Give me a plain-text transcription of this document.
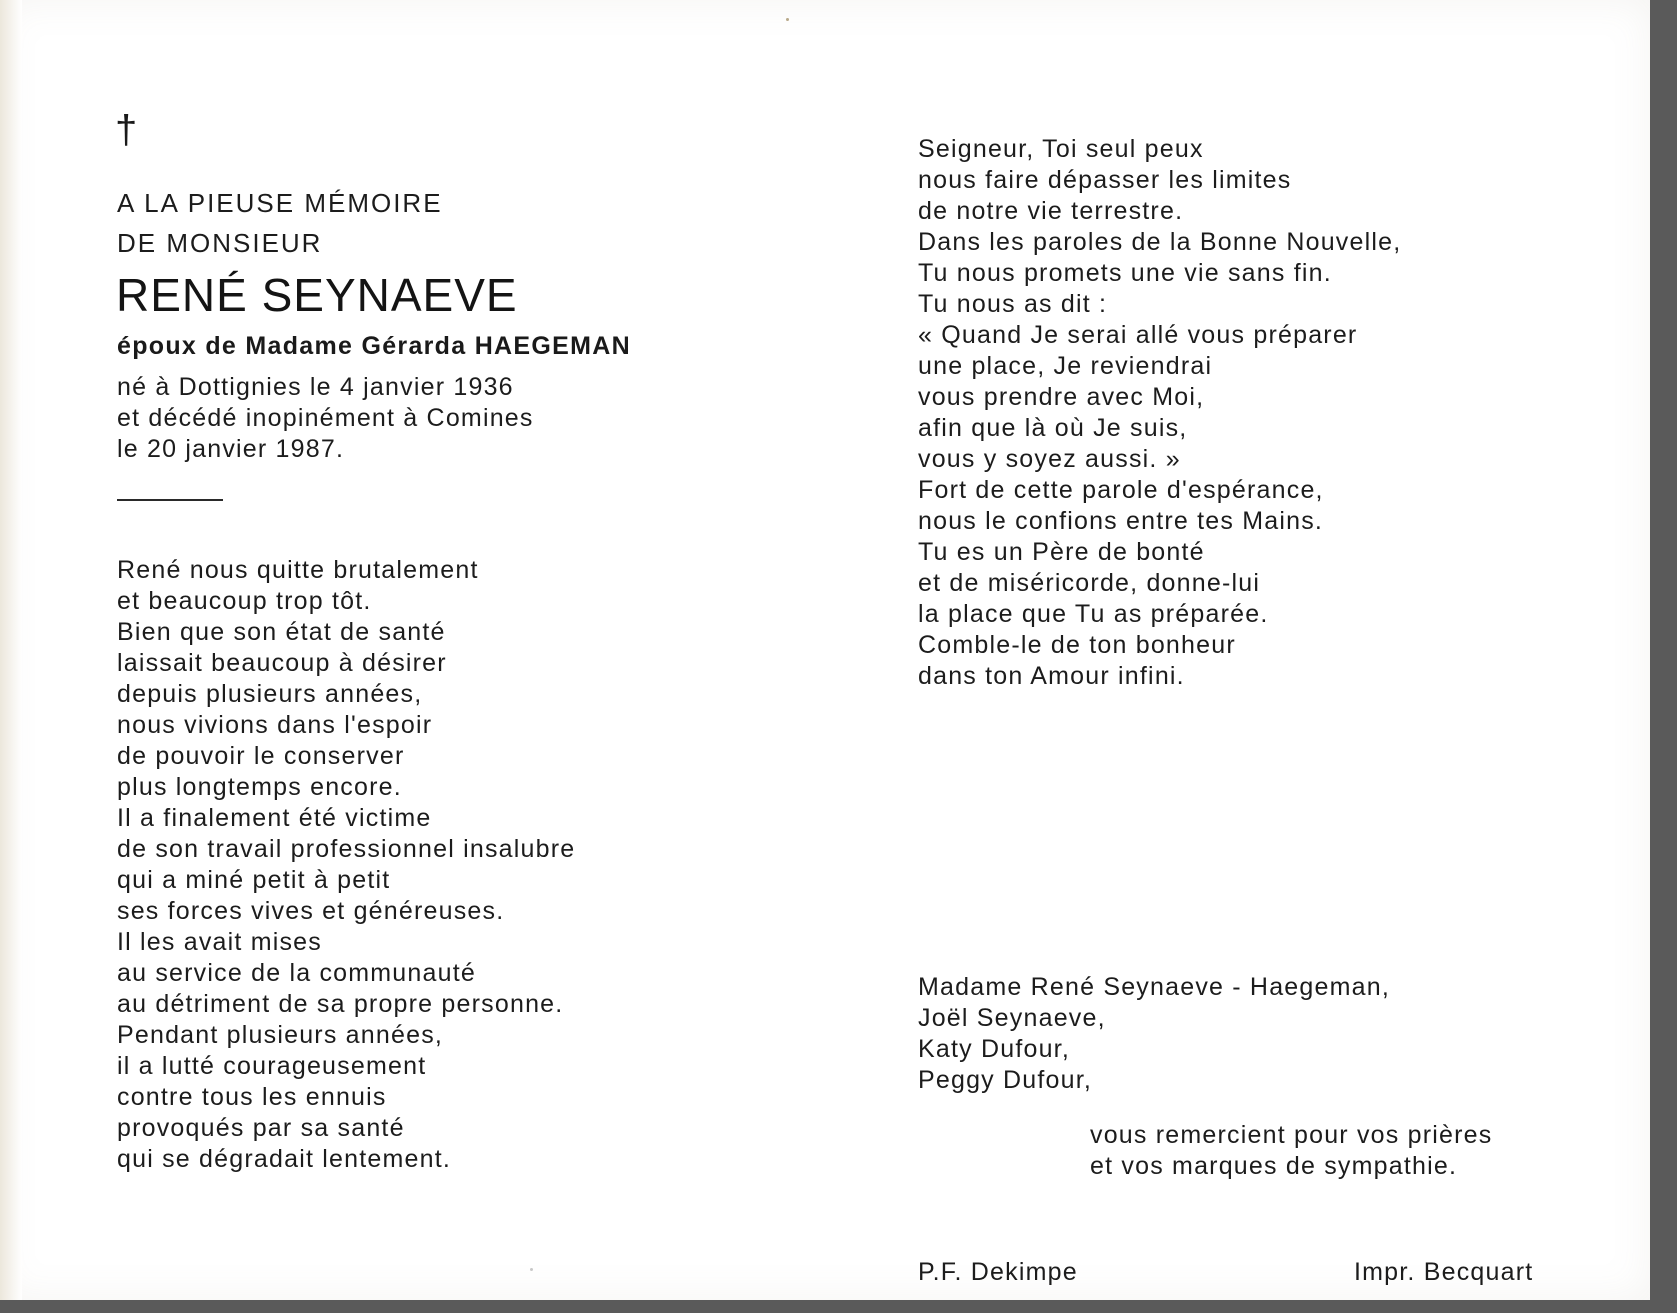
†
A LA PIEUSE MÉMOIRE
DE MONSIEUR
RENÉ SEYNAEVE
époux de Madame Gérarda HAEGEMAN
né à Dottignies le 4 janvier 1936
et décédé inopinément à Comines
le 20 janvier 1987.
René nous quitte brutalement
et beaucoup trop tôt.
Bien que son état de santé
laissait beaucoup à désirer
depuis plusieurs années,
nous vivions dans l'espoir
de pouvoir le conserver
plus longtemps encore.
Il a finalement été victime
de son travail professionnel insalubre
qui a miné petit à petit
ses forces vives et généreuses.
Il les avait mises
au service de la communauté
au détriment de sa propre personne.
Pendant plusieurs années,
il a lutté courageusement
contre tous les ennuis
provoqués par sa santé
qui se dégradait lentement.
Seigneur, Toi seul peux
nous faire dépasser les limites
de notre vie terrestre.
Dans les paroles de la Bonne Nouvelle,
Tu nous promets une vie sans fin.
Tu nous as dit :
« Quand Je serai allé vous préparer
une place, Je reviendrai
vous prendre avec Moi,
afin que là où Je suis,
vous y soyez aussi. »
Fort de cette parole d'espérance,
nous le confions entre tes Mains.
Tu es un Père de bonté
et de miséricorde, donne-lui
la place que Tu as préparée.
Comble-le de ton bonheur
dans ton Amour infini.
Madame René Seynaeve - Haegeman,
Joël Seynaeve,
Katy Dufour,
Peggy Dufour,
vous remercient pour vos prières
et vos marques de sympathie.
P.F. Dekimpe	Impr. Becquart
